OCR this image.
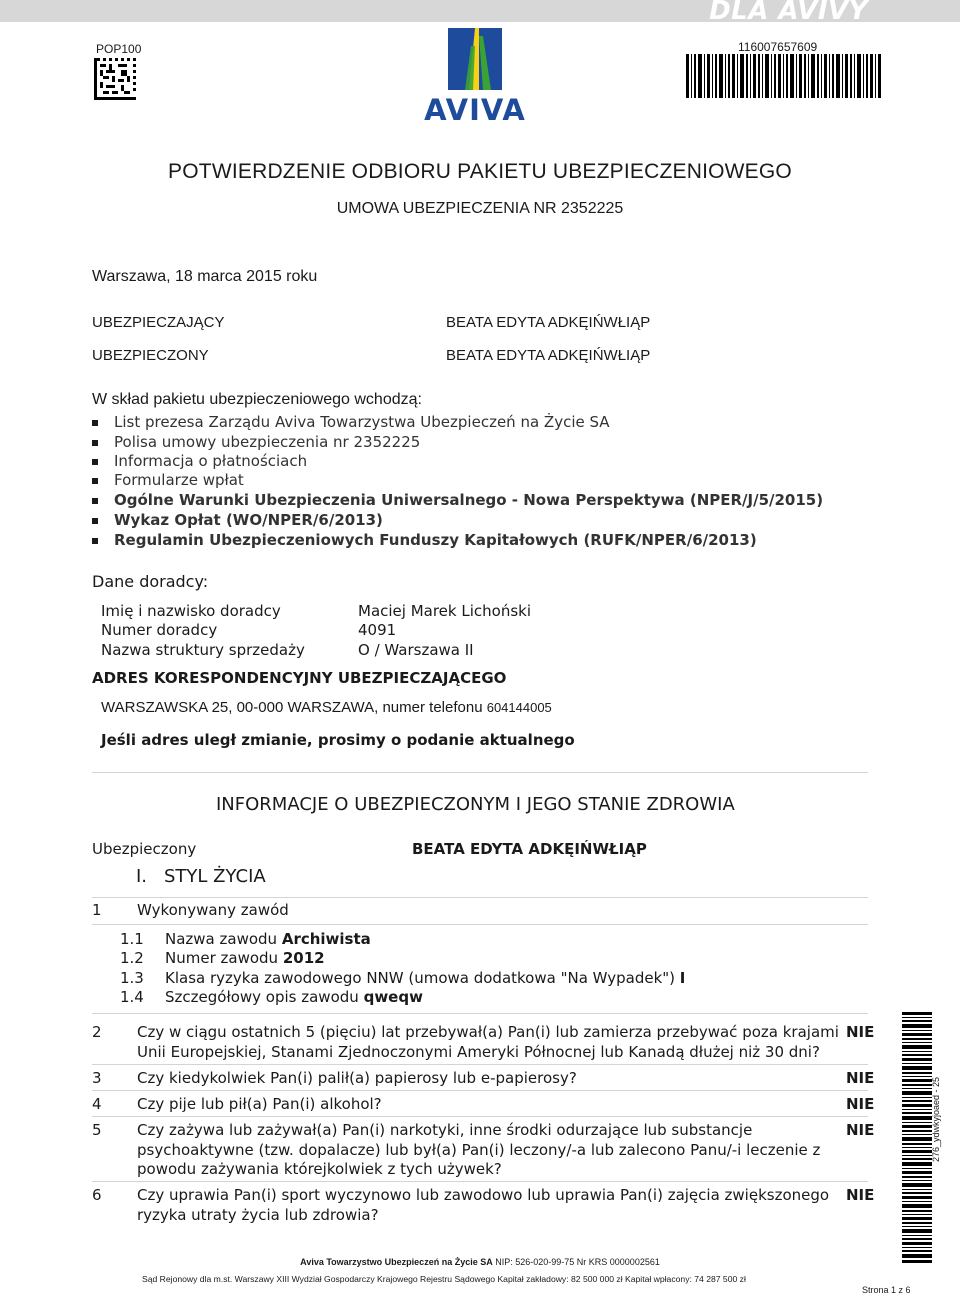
DLA AVIVY
POP100
AVIVA
116007657609
POTWIERDZENIE ODBIORU PAKIETU UBEZPIECZENIOWEGO
UMOWA UBEZPIECZENIA NR 2352225
Warszawa, 18 marca 2015 roku
UBEZPIECZAJĄCY	BEATA EDYTA ADKĘIŃWŁIĄP
UBEZPIECZONY	BEATA EDYTA ADKĘIŃWŁIĄP
W skład pakietu ubezpieczeniowego wchodzą:
List prezesa Zarządu Aviva Towarzystwa Ubezpieczeń na Życie SA
Polisa umowy ubezpieczenia nr 2352225
Informacja o płatnościach
Formularze wpłat
Ogólne Warunki Ubezpieczenia Uniwersalnego - Nowa Perspektywa (NPER/J/5/2015)
Wykaz Opłat (WO/NPER/6/2013)
Regulamin Ubezpieczeniowych Funduszy Kapitałowych (RUFK/NPER/6/2013)
Dane doradcy:
Imię i nazwisko doradcy	Maciej Marek Lichoński
Numer doradcy	4091
Nazwa struktury sprzedaży	O / Warszawa II
ADRES KORESPONDENCYJNY UBEZPIECZAJĄCEGO
WARSZAWSKA 25, 00-000 WARSZAWA, numer telefonu 604144005
Jeśli adres uległ zmianie, prosimy o podanie aktualnego
INFORMACJE O UBEZPIECZONYM I JEGO STANIE ZDROWIA
Ubezpieczony	BEATA EDYTA ADKĘIŃWŁIĄP
I. STYL ŻYCIA
1 Wykonywany zawód
1.1 Nazwa zawodu Archiwista
1.2 Numer zawodu 2012
1.3 Klasa ryzyka zawodowego NNW (umowa dodatkowa "Na Wypadek") I
1.4 Szczegółowy opis zawodu qweqw
2 Czy w ciągu ostatnich 5 (pięciu) lat przebywał(a) Pan(i) lub zamierza przebywać poza krajami
Unii Europejskiej, Stanami Zjednoczonymi Ameryki Północnej lub Kanadą dłużej niż 30 dni?
NIE
3 Czy kiedykolwiek Pan(i) palił(a) papierosy lub e-papierosy?	NIE
4 Czy pije lub pił(a) Pan(i) alkohol?	NIE
5 Czy zażywa lub zażywał(a) Pan(i) narkotyki, inne środki odurzające lub substancje
psychoaktywne (tzw. dopalacze) lub był(a) Pan(i) leczony/-a lub zalecono Panu/-i leczenie z
powodu zażywania którejkolwiek z tych używek?
NIE
6 Czy uprawia Pan(i) sport wyczynowo lub zawodowo lub uprawia Pan(i) zajęcia zwiększonego
ryzyka utraty życia lub zdrowia?
NIE
276_ydwkyjoaed - 25
Aviva Towarzystwo Ubezpieczeń na Życie SA NIP: 526-020-99-75 Nr KRS 0000002561
Sąd Rejonowy dla m.st. Warszawy XIII Wydział Gospodarczy Krajowego Rejestru Sądowego Kapitał zakładowy: 82 500 000 zł Kapitał wpłacony: 74 287 500 zł
Strona 1 z 6
